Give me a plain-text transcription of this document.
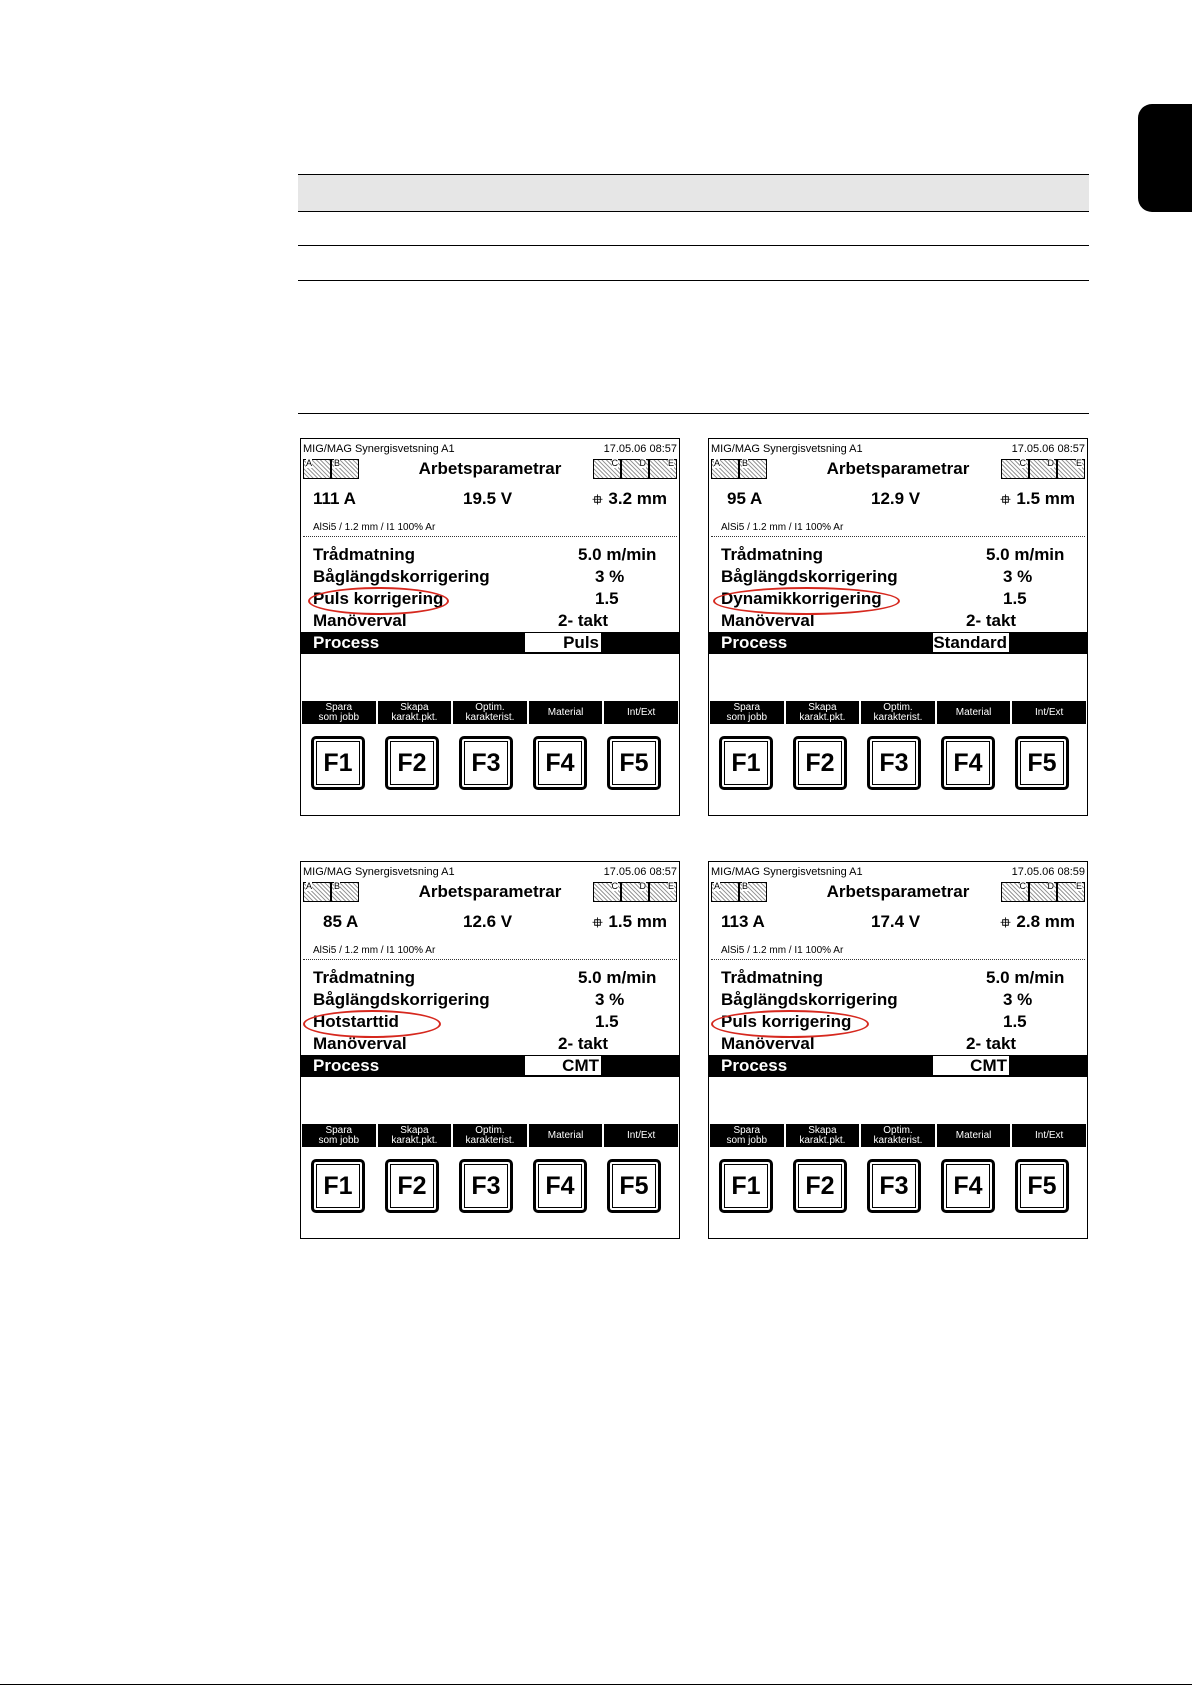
MIG/MAG Synergisvetsning A1	17.05.06 08:57
A B	Arbetsparametrar	C D E
111 A	19.5 V	⯐ 3.2 mm
AlSi5 / 1.2 mm / I1 100% Ar
Trådmatning	5.0 m/min
Båglängdskorrigering	3 %
Puls korrigering	1.5
Manöverval	2- takt
Process	Puls
Spara
som jobb
Skapa
karakt.pkt.
Optim.
karakterist.	Material	Int/Ext
F1	F2	F3	F4	F5
MIG/MAG Synergisvetsning A1	17.05.06 08:57
A B	Arbetsparametrar	C D E
95 A	12.9 V	⯐ 1.5 mm
AlSi5 / 1.2 mm / I1 100% Ar
Trådmatning	5.0 m/min
Båglängdskorrigering	3 %
Dynamikkorrigering	1.5
Manöverval	2- takt
Process	Standard
Spara
som jobb
Skapa
karakt.pkt.
Optim.
karakterist.	Material	Int/Ext
F1	F2	F3	F4	F5
MIG/MAG Synergisvetsning A1	17.05.06 08:57
A B	Arbetsparametrar	C D E
85 A	12.6 V	⯐ 1.5 mm
AlSi5 / 1.2 mm / I1 100% Ar
Trådmatning	5.0 m/min
Båglängdskorrigering	3 %
Hotstarttid	1.5
Manöverval	2- takt
Process	CMT
Spara
som jobb
Skapa
karakt.pkt.
Optim.
karakterist.	Material	Int/Ext
F1	F2	F3	F4	F5
MIG/MAG Synergisvetsning A1	17.05.06 08:59
A B	Arbetsparametrar	C D E
113 A	17.4 V	⯐ 2.8 mm
AlSi5 / 1.2 mm / I1 100% Ar
Trådmatning	5.0 m/min
Båglängdskorrigering	3 %
Puls korrigering	1.5
Manöverval	2- takt
Process	CMT
Spara
som jobb
Skapa
karakt.pkt.
Optim.
karakterist.	Material	Int/Ext
F1	F2	F3	F4	F5
